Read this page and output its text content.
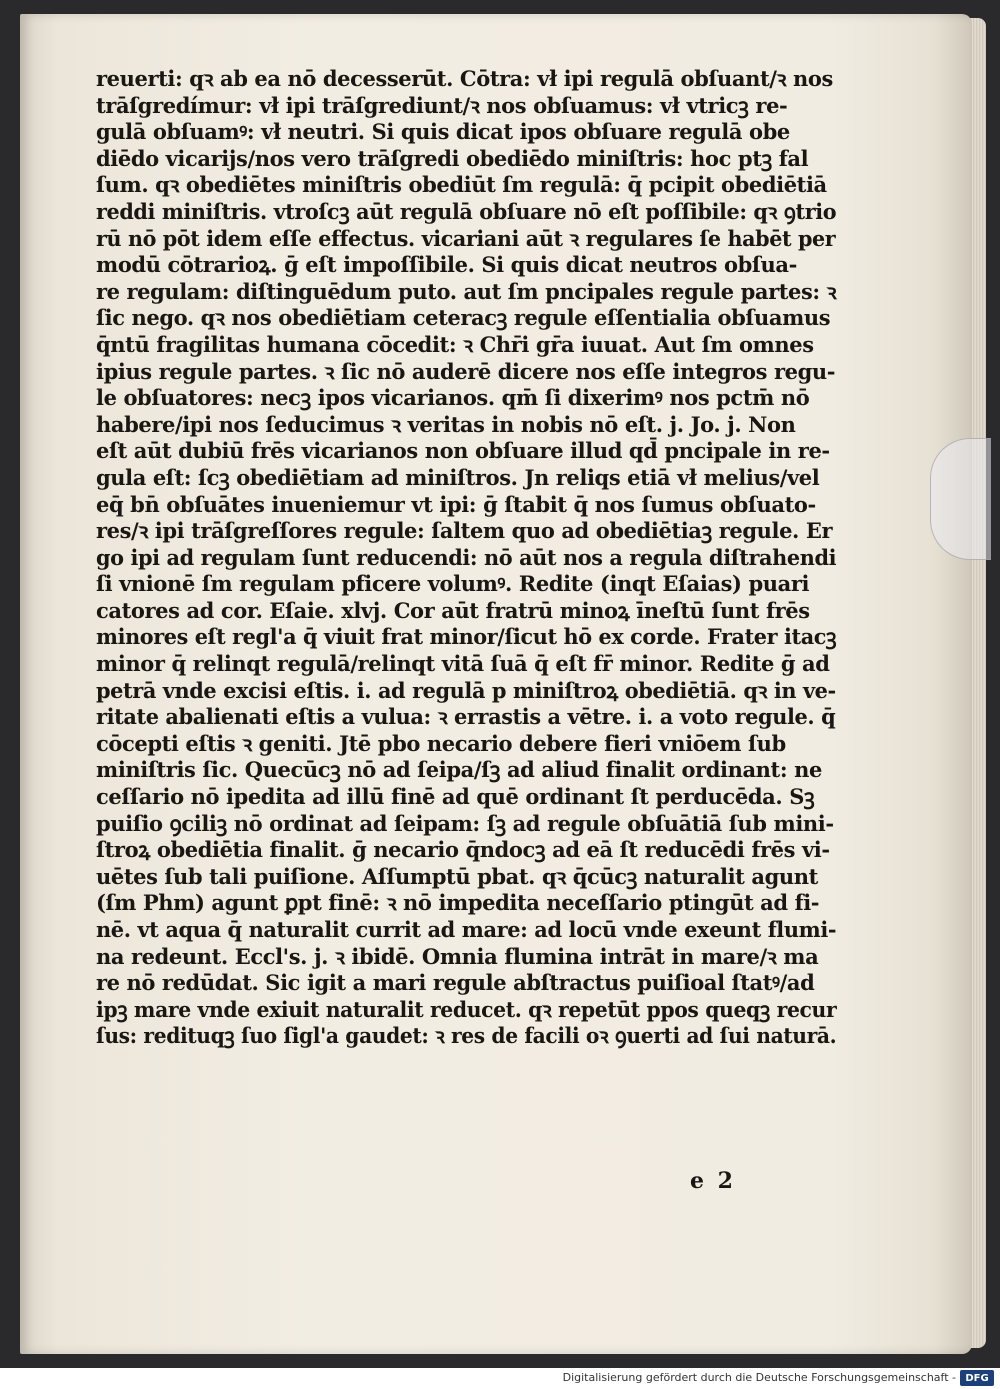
reuerti: qꝛ ab ea nō decesserūt. Cōtra: vł ipi regulā obſuant/ꝛ nos
trāſgredímur: vł ipi trāſgrediunt/ꝛ nos obſuamus: vł vtricꝫ re-
gulā obſuamꝰ: vł neutri. Si quis dicat ipos obſuare regulā obe
diēdo vicarijs/nos vero trāſgredi obediēdo miniſtris: hoc ptꝫ fal
ſum. qꝛ obediētes miniſtris obediūt ſm regulā: q̄ pcipit obediētiā
reddi miniſtris. vtroſcꝫ aūt regulā obſuare nō eſt poſſibile: qꝛ ꝯtrio
rū nō pōt idem eſſe effectus. vicariani aūt ꝛ regulares ſe habēt per
modū cōtrarioꝝ. ḡ eſt impoſſibile. Si quis dicat neutros obſua-
re regulam: diſtinguēdum puto. aut ſm pncipales regule partes: ꝛ
ſic nego. qꝛ nos obediētiam ceteracꝫ regule eſſentialia obſuamus
q̄ntū fragilitas humana cōcedit: ꝛ Chr̄i gr̄a iuuat. Aut ſm omnes
ipius regule partes. ꝛ ſic nō auderē dicere nos eſſe integros regu-
le obſuatores: necꝫ ipos vicarianos. qm̄ ſi dixerimꝰ nos pctm̄ nō
habere/ipi nos ſeducimus ꝛ veritas in nobis nō eſt. j. Jo. j. Non
eſt aūt dubiū frēs vicarianos non obſuare illud qd̄ pncipale in re-
gula eſt: ſcꝫ obediētiam ad miniſtros. Jn reliqs etiā vł melius/vel
eq̄ bn̄ obſuātes inueniemur vt ipi: ḡ ſtabit q̄ nos ſumus obſuato-
res/ꝛ ipi trāſgreſſores regule: ſaltem quo ad obediētiaꝫ regule. Er
go ipi ad regulam ſunt reducendi: nō aūt nos a regula diſtrahendi
ſi vnionē ſm regulam pficere volumꝰ. Redite (inqt Eſaias) puari
catores ad cor. Eſaie. xlvj. Cor aūt fratrū minoꝝ īneſtū ſunt frēs
minores eſt regl'a q̄ viuit frat minor/ſicut hō ex corde. Frater itacꝫ
minor q̄ relinqt regulā/relinqt vitā ſuā q̄ eſt fr̄ minor. Redite ḡ ad
petrā vnde excisi eſtis. i. ad regulā p miniſtroꝝ obediētiā. qꝛ in ve-
ritate abalienati eſtis a vulua: ꝛ errastis a vētre. i. a voto regule. q̄
cōcepti eſtis ꝛ geniti. Jtē pbo necario debere fieri vniōem ſub
miniſtris ſic. Quecūcꝫ nō ad ſeipa/ſꝫ ad aliud finalit ordinant: ne
ceſſario nō ipedita ad illū finē ad quē ordinant ſt perducēda. Sꝫ
puiſio ꝯciliꝫ nō ordinat ad ſeipam: ſꝫ ad regule obſuātiā ſub mini-
ſtroꝝ obediētia finalit. ḡ necario q̄ndocꝫ ad eā ſt reducēdi frēs vi-
uētes ſub tali puiſione. Aſſumptū pbat. qꝛ q̄cūcꝫ naturalit agunt
(ſm Phm) agunt ꝑpt finē: ꝛ nō impedita neceſſario ptingūt ad fi-
nē. vt aqua q̄ naturalit currit ad mare: ad locū vnde exeunt flumi-
na redeunt. Eccl's. j. ꝛ ibidē. Omnia flumina intrāt in mare/ꝛ ma
re nō redūdat. Sic igit a mari regule abſtractus puiſioal ſtatꝰ/ad
ipꝫ mare vnde exiuit naturalit reducet. qꝛ repetūt ppos queqꝫ recur
ſus: redituqꝫ ſuo ſigl'a gaudet: ꝛ res de facili oꝛ ꝯuerti ad ſui naturā.
e 2
Digitalisierung gefördert durch die Deutsche Forschungsgemeinschaft - DFG
